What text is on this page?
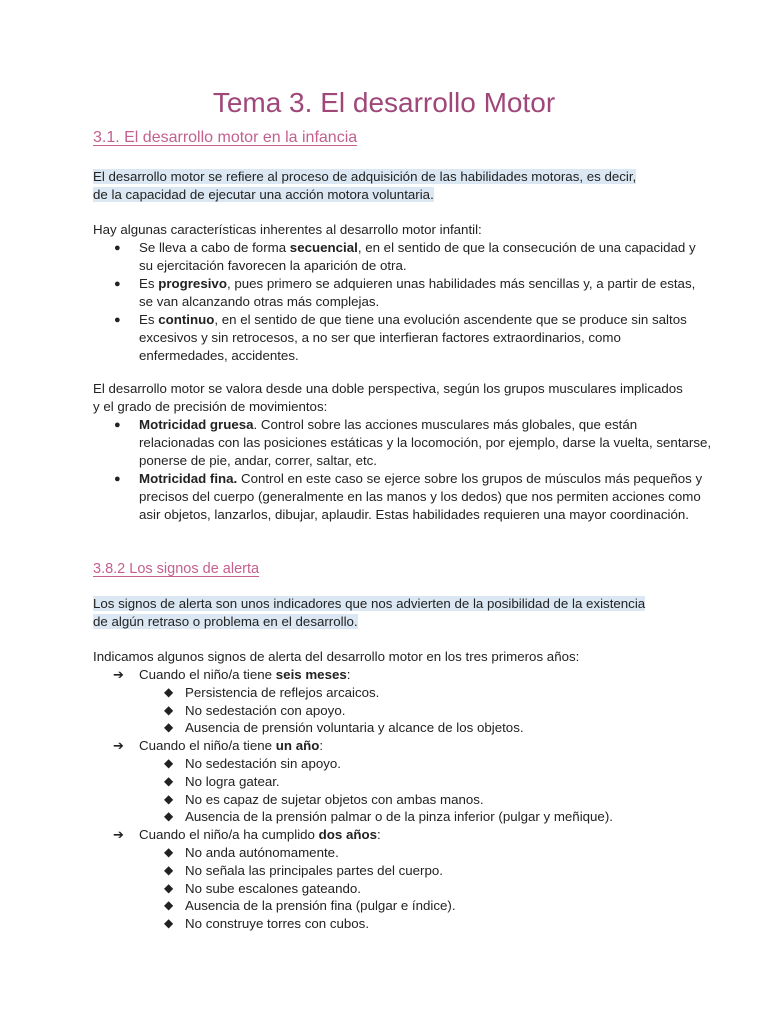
Tema 3. El desarrollo Motor
3.1. El desarrollo motor en la infancia
El desarrollo motor se refiere al proceso de adquisición de las habilidades motoras, es decir,
de la capacidad de ejecutar una acción motora voluntaria.
Hay algunas características inherentes al desarrollo motor infantil:
● Se lleva a cabo de forma secuencial, en el sentido de que la consecución de una capacidad y su ejercitación favorecen la aparición de otra.
● Es progresivo, pues primero se adquieren unas habilidades más sencillas y, a partir de estas, se van alcanzando otras más complejas.
● Es continuo, en el sentido de que tiene una evolución ascendente que se produce sin saltos excesivos y sin retrocesos, a no ser que interfieran factores extraordinarios, como enfermedades, accidentes.
El desarrollo motor se valora desde una doble perspectiva, según los grupos musculares implicados y el grado de precisión de movimientos:
● Motricidad gruesa. Control sobre las acciones musculares más globales, que están relacionadas con las posiciones estáticas y la locomoción, por ejemplo, darse la vuelta, sentarse, ponerse de pie, andar, correr, saltar, etc.
● Motricidad fina. Control en este caso se ejerce sobre los grupos de músculos más pequeños y precisos del cuerpo (generalmente en las manos y los dedos) que nos permiten acciones como asir objetos, lanzarlos, dibujar, aplaudir. Estas habilidades requieren una mayor coordinación.
3.8.2 Los signos de alerta
Los signos de alerta son unos indicadores que nos advierten de la posibilidad de la existencia
de algún retraso o problema en el desarrollo.
Indicamos algunos signos de alerta del desarrollo motor en los tres primeros años:
➔ Cuando el niño/a tiene seis meses:
◆ Persistencia de reflejos arcaicos.
◆ No sedestación con apoyo.
◆ Ausencia de prensión voluntaria y alcance de los objetos.
➔ Cuando el niño/a tiene un año:
◆ No sedestación sin apoyo.
◆ No logra gatear.
◆ No es capaz de sujetar objetos con ambas manos.
◆ Ausencia de la prensión palmar o de la pinza inferior (pulgar y meñique).
➔ Cuando el niño/a ha cumplido dos años:
◆ No anda autónomamente.
◆ No señala las principales partes del cuerpo.
◆ No sube escalones gateando.
◆ Ausencia de la prensión fina (pulgar e índice).
◆ No construye torres con cubos.
